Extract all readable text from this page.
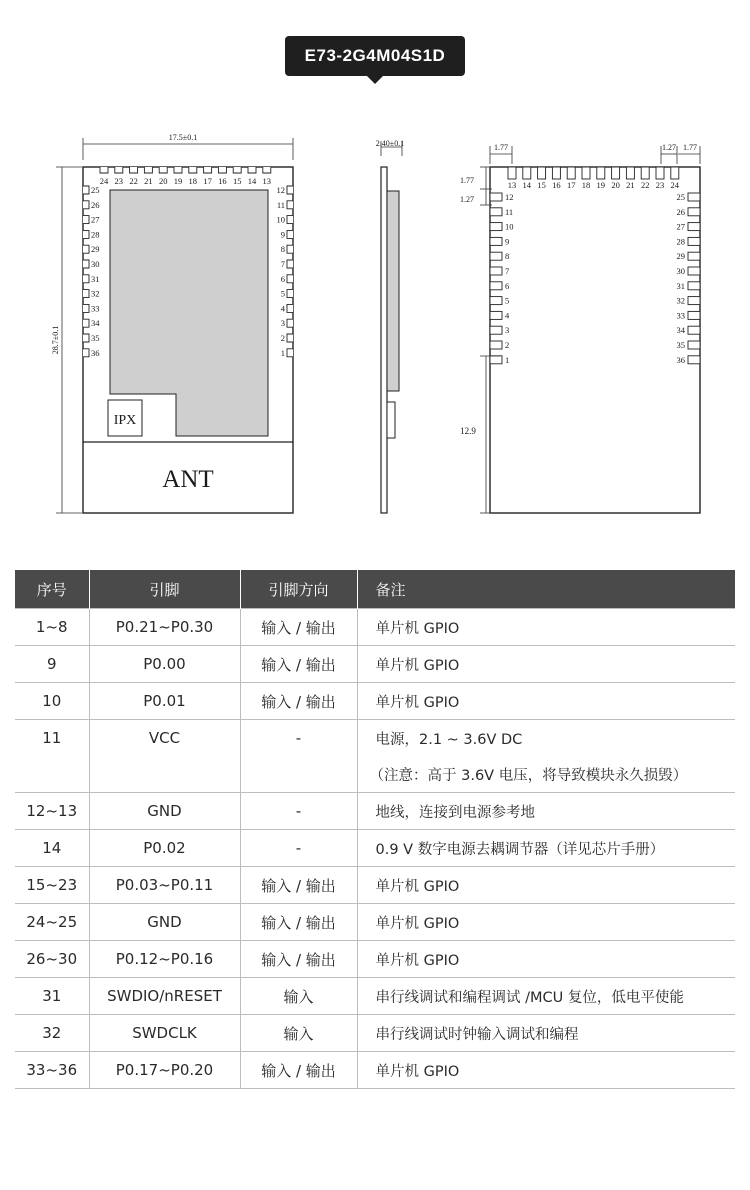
E73-2G4M04S1D
17.5±0.1
28.7±0.1
IPX
ANT
24 23 22 21 20 19 18 17 16 15 14 13
25
26
27
28
29
30
31
32
33
34
35
36
12
11
10
9
8
7
6
5
4
3
2
1
2.40±0.1
13 14 15 16 17 18 19 20 21 22 23 24
12
11
10
9
8
7
6
5
4
3
2
1
25
26
27
28
29
30
31
32
33
34
35
36
1.77	1.27 1.77
1.77
1.27
12.9
序号	引脚	引脚方向	备注
1~8	P0.21~P0.30	输入 / 输出	单片机 GPIO
9	P0.00	输入 / 输出	单片机 GPIO
10	P0.01	输入 / 输出	单片机 GPIO
11	VCC	-	电源，2.1 ~ 3.6V DC
			（注意：高于 3.6V 电压，将导致模块永久损毁）
12~13	GND	-	地线，连接到电源参考地
14	P0.02	-	0.9 V 数字电源去耦调节器（详见芯片手册）
15~23	P0.03~P0.11	输入 / 输出	单片机 GPIO
24~25	GND	输入 / 输出	单片机 GPIO
26~30	P0.12~P0.16	输入 / 输出	单片机 GPIO
31	SWDIO/nRESET	输入	串行线调试和编程调试 /MCU 复位，低电平使能
32	SWDCLK	输入	串行线调试时钟输入调试和编程
33~36	P0.17~P0.20	输入 / 输出	单片机 GPIO
